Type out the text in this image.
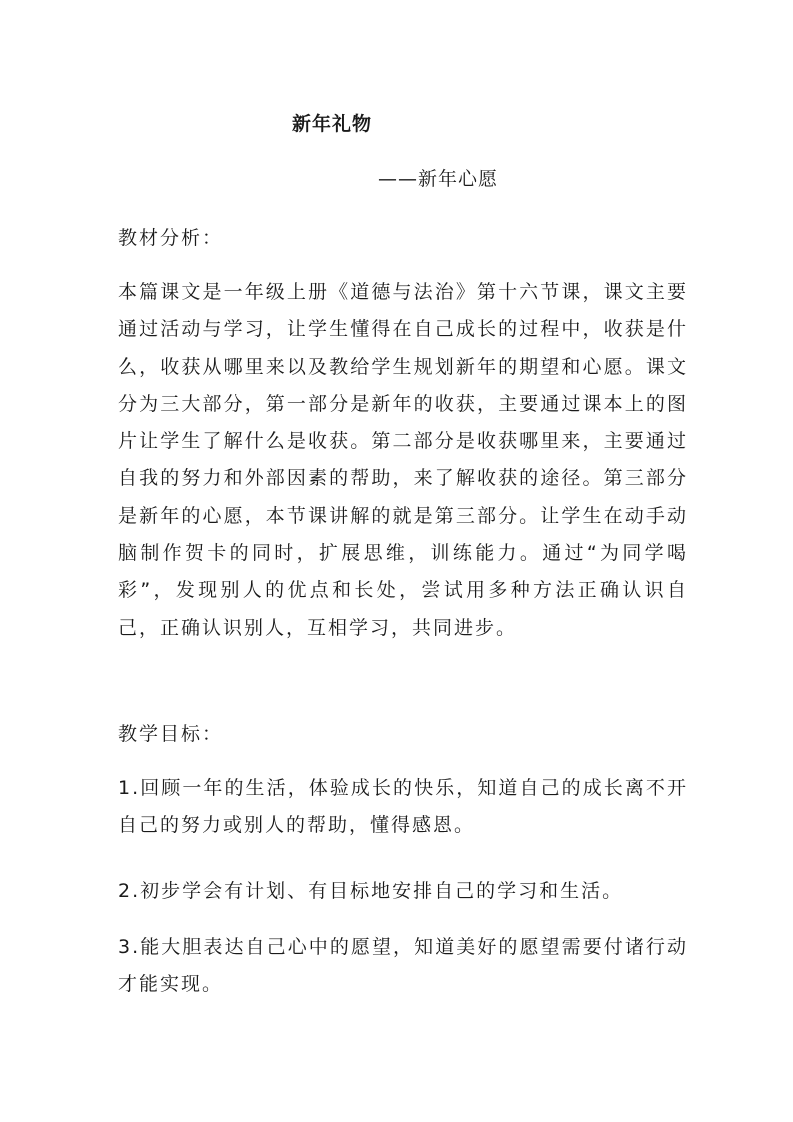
新年礼物
——新年心愿
教材分析：
本篇课文是一年级上册《道德与法治》第十六节课，课文主要通过活动与学习，让学生懂得在自己成长的过程中，收获是什么，收获从哪里来以及教给学生规划新年的期望和心愿。课文分为三大部分，第一部分是新年的收获，主要通过课本上的图片让学生了解什么是收获。第二部分是收获哪里来，主要通过自我的努力和外部因素的帮助，来了解收获的途径。第三部分是新年的心愿，本节课讲解的就是第三部分。让学生在动手动脑制作贺卡的同时，扩展思维，训练能力。通过“为同学喝彩”，发现别人的优点和长处，尝试用多种方法正确认识自己，正确认识别人，互相学习，共同进步。
教学目标：
1.回顾一年的生活，体验成长的快乐，知道自己的成长离不开自己的努力或别人的帮助，懂得感恩。
2.初步学会有计划、有目标地安排自己的学习和生活。
3.能大胆表达自己心中的愿望，知道美好的愿望需要付诸行动才能实现。
